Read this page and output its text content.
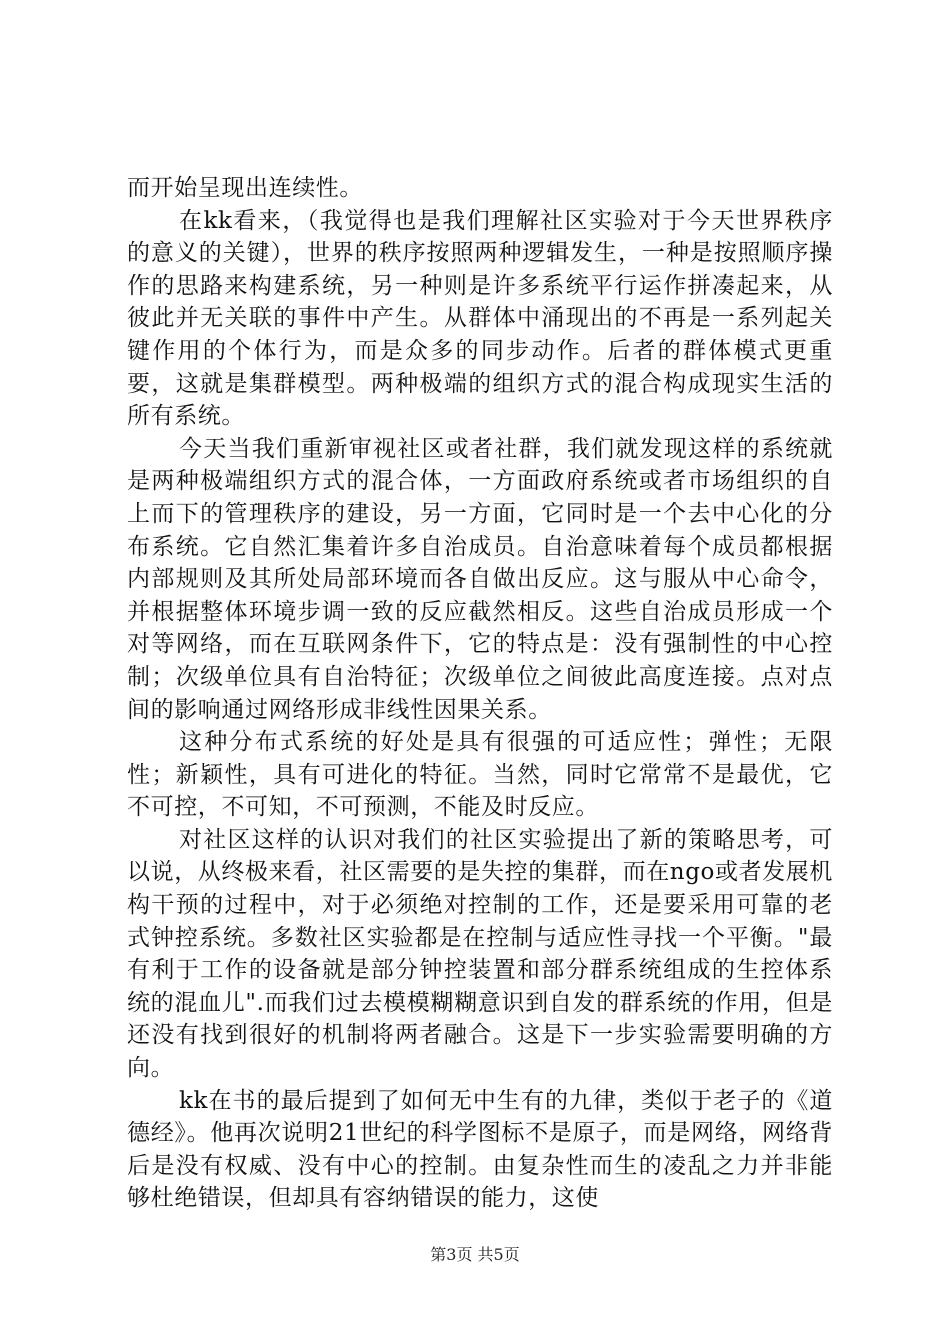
而开始呈现出连续性。

在kk看来，（我觉得也是我们理解社区实验对于今天世界秩序的意义的关键），世界的秩序按照两种逻辑发生，一种是按照顺序操作的思路来构建系统，另一种则是许多系统平行运作拼凑起来，从彼此并无关联的事件中产生。从群体中涌现出的不再是一系列起关键作用的个体行为，而是众多的同步动作。后者的群体模式更重要，这就是集群模型。两种极端的组织方式的混合构成现实生活的所有系统。

今天当我们重新审视社区或者社群，我们就发现这样的系统就是两种极端组织方式的混合体，一方面政府系统或者市场组织的自上而下的管理秩序的建设，另一方面，它同时是一个去中心化的分布系统。它自然汇集着许多自治成员。自治意味着每个成员都根据内部规则及其所处局部环境而各自做出反应。这与服从中心命令，并根据整体环境步调一致的反应截然相反。这些自治成员形成一个对等网络，而在互联网条件下，它的特点是：没有强制性的中心控制；次级单位具有自治特征；次级单位之间彼此高度连接。点对点间的影响通过网络形成非线性因果关系。

这种分布式系统的好处是具有很强的可适应性；弹性；无限性；新颖性，具有可进化的特征。当然，同时它常常不是最优，它不可控，不可知，不可预测，不能及时反应。

对社区这样的认识对我们的社区实验提出了新的策略思考，可以说，从终极来看，社区需要的是失控的集群，而在ngo或者发展机构干预的过程中，对于必须绝对控制的工作，还是要采用可靠的老式钟控系统。多数社区实验都是在控制与适应性寻找一个平衡。"最有利于工作的设备就是部分钟控装置和部分群系统组成的生控体系统的混血儿".而我们过去模模糊糊意识到自发的群系统的作用，但是还没有找到很好的机制将两者融合。这是下一步实验需要明确的方向。

kk在书的最后提到了如何无中生有的九律，类似于老子的《道德经》。他再次说明21世纪的科学图标不是原子，而是网络，网络背后是没有权威、没有中心的控制。由复杂性而生的凌乱之力并非能够杜绝错误，但却具有容纳错误的能力，这使

第3页 共5页
